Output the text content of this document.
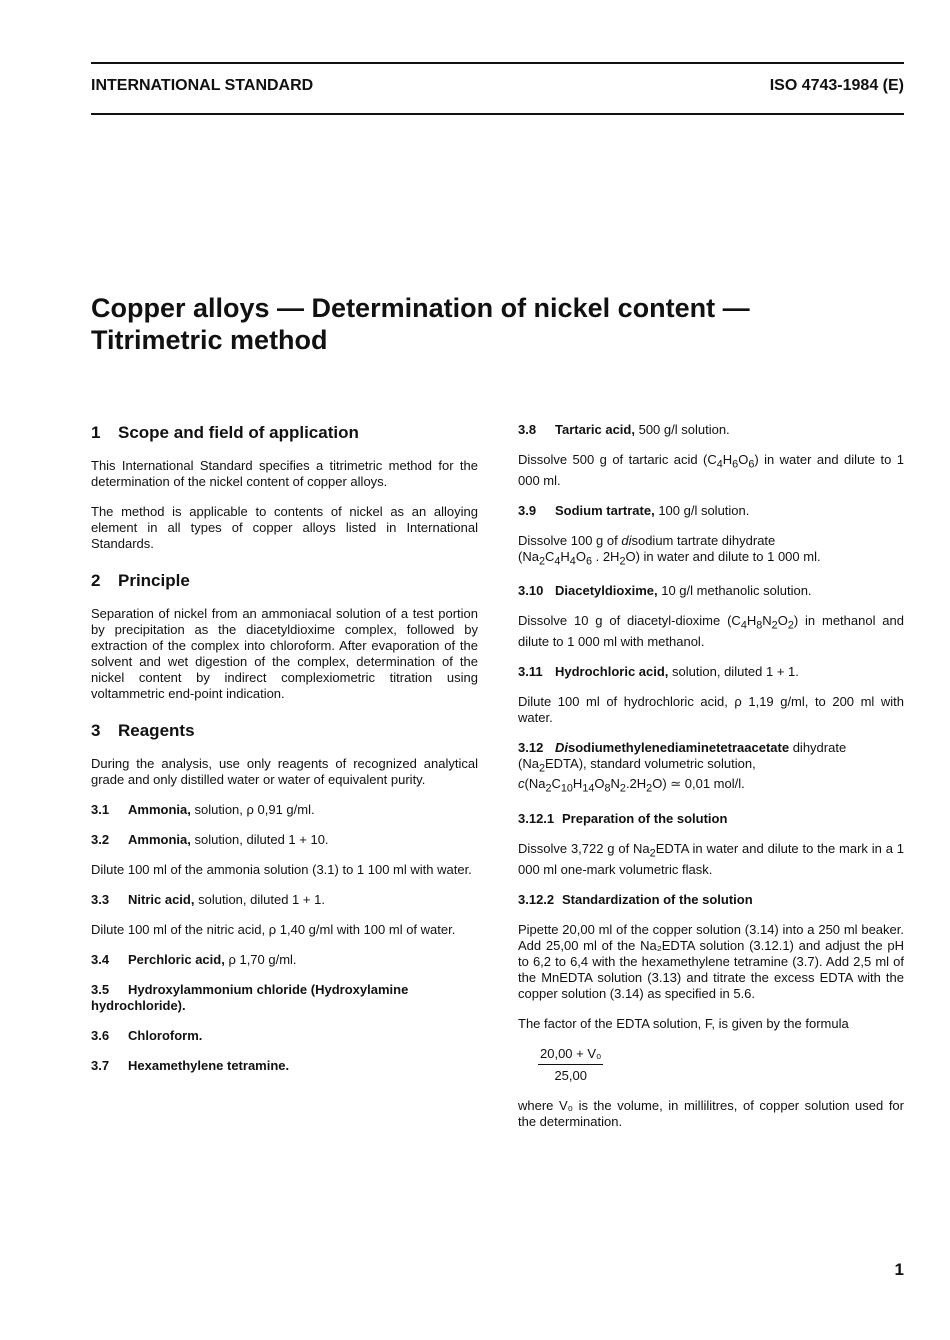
INTERNATIONAL STANDARD	ISO 4743-1984 (E)
Copper alloys — Determination of nickel content —
Titrimetric method
1 Scope and field of application
This International Standard specifies a titrimetric method for the determination of the nickel content of copper alloys.
The method is applicable to contents of nickel as an alloying element in all types of copper alloys listed in International Standards.
2 Principle
Separation of nickel from an ammoniacal solution of a test portion by precipitation as the diacetyldioxime complex, followed by extraction of the complex into chloroform. After evaporation of the solvent and wet digestion of the complex, determination of the nickel content by indirect complexiometric titration using voltammetric end-point indication.
3 Reagents
During the analysis, use only reagents of recognized analytical grade and only distilled water or water of equivalent purity.
3.1 Ammonia, solution, ρ 0,91 g/ml.
3.2 Ammonia, solution, diluted 1 + 10.
Dilute 100 ml of the ammonia solution (3.1) to 1 100 ml with water.
3.3 Nitric acid, solution, diluted 1 + 1.
Dilute 100 ml of the nitric acid, ρ 1,40 g/ml with 100 ml of water.
3.4 Perchloric acid, ρ 1,70 g/ml.
3.5 Hydroxylammonium chloride (Hydroxylamine hydrochloride).
3.6 Chloroform.
3.7 Hexamethylene tetramine.
3.8 Tartaric acid, 500 g/l solution.
Dissolve 500 g of tartaric acid $(C_4H_6O_6)$ in water and dilute to 1 000 ml.
3.9 Sodium tartrate, 100 g/l solution.
Dissolve 100 g of disodium tartrate dihydrate
($Na_2C_4H_4O_6$ . $2H_2O$) in water and dilute to 1 000 ml.
3.10 Diacetyldioxime, 10 g/l methanolic solution.
Dissolve 10 g of diacetyl-dioxime $(C_4H_8N_2O_2)$ in methanol and dilute to 1 000 ml with methanol.
3.11 Hydrochloric acid, solution, diluted 1 + 1.
Dilute 100 ml of hydrochloric acid, ρ 1,19 g/ml, to 200 ml with water.
3.12 Disodiumethylenediaminetetraacetate dihydrate
$(Na_2EDTA)$, standard volumetric solution,
$c(Na_2C_{10}H_{14}O_8N_2.2H_2O)$ ≃ 0,01 mol/l.
3.12.1 Preparation of the solution
Dissolve 3,722 g of $Na_2EDTA$ in water and dilute to the mark in a 1 000 ml one-mark volumetric flask.
3.12.2 Standardization of the solution
Pipette 20,00 ml of the copper solution (3.14) into a 250 ml beaker. Add 25,00 ml of the Na₂EDTA solution (3.12.1) and adjust the pH to 6,2 to 6,4 with the hexamethylene tetramine (3.7). Add 2,5 ml of the MnEDTA solution (3.13) and titrate the excess EDTA with the copper solution (3.14) as specified in 5.6.
The factor of the EDTA solution, F, is given by the formula
$\frac{\text{20,00 + V₀}}{25,00}$
where V₀ is the volume, in millilitres, of copper solution used for the determination.
1
